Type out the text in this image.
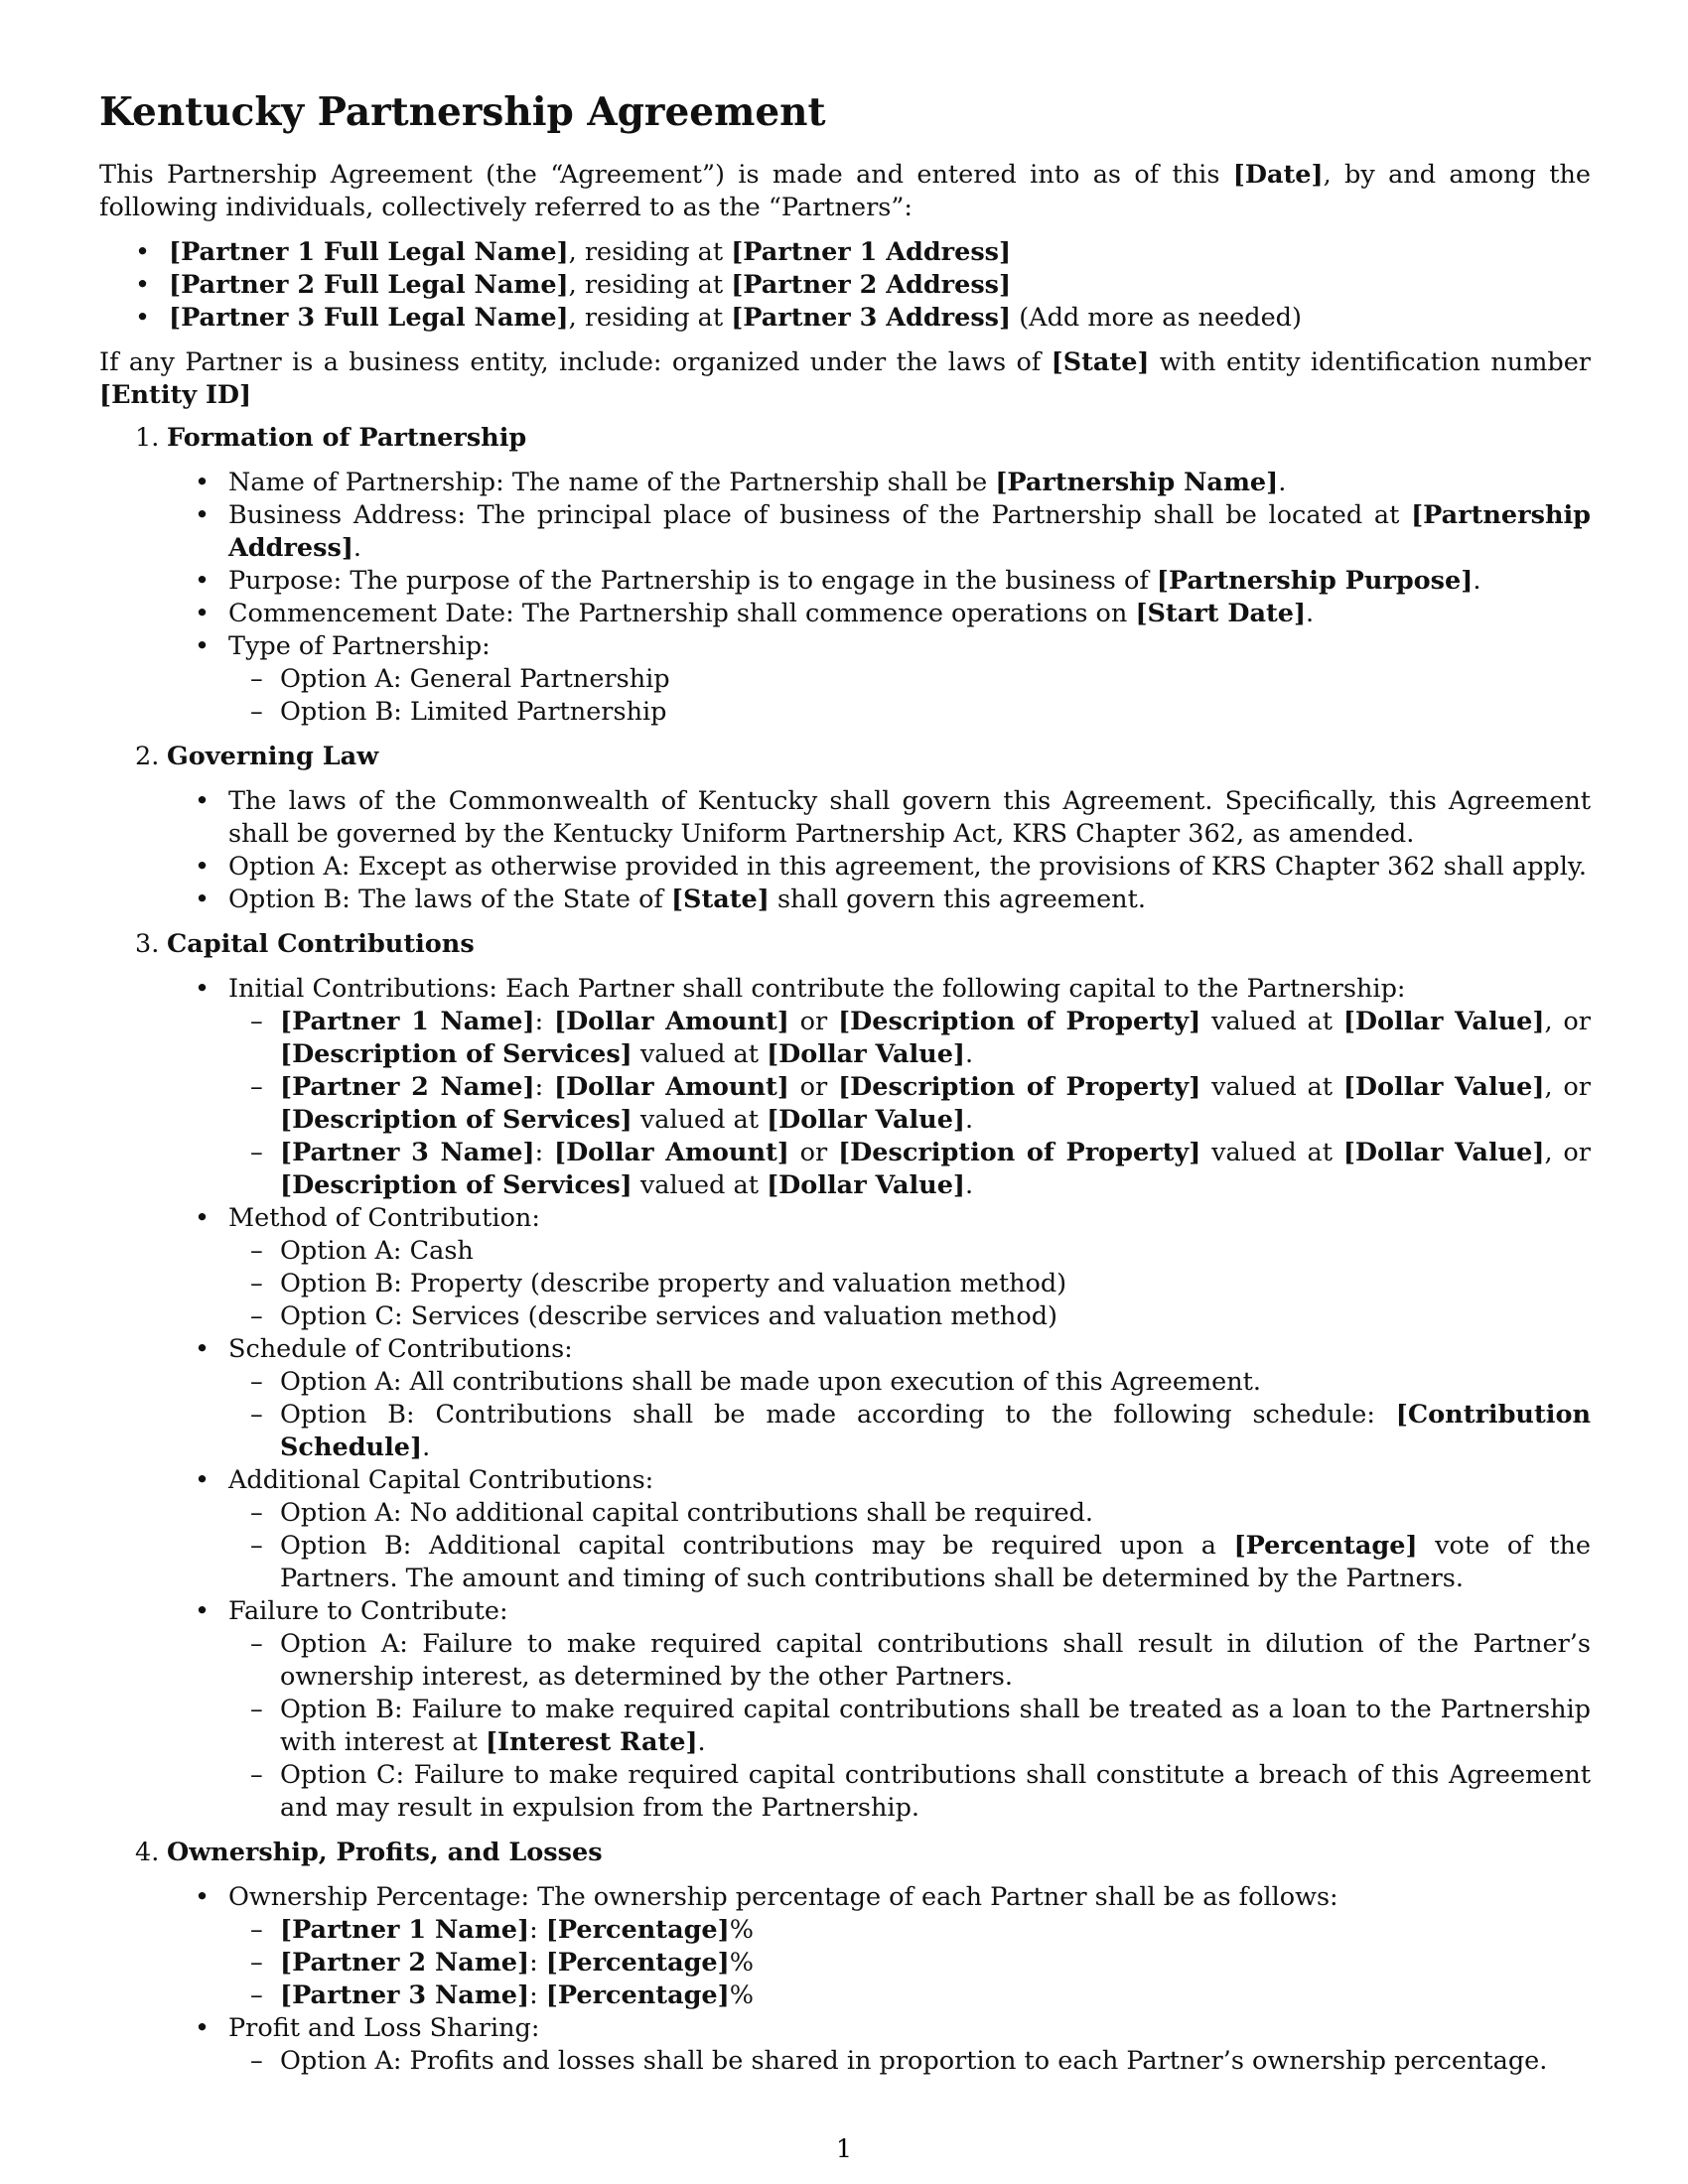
Kentucky Partnership Agreement

This Partnership Agreement (the “Agreement”) is made and entered into as of this [Date], by and among the following individuals, collectively referred to as the “Partners”:

• [Partner 1 Full Legal Name], residing at [Partner 1 Address]
• [Partner 2 Full Legal Name], residing at [Partner 2 Address]
• [Partner 3 Full Legal Name], residing at [Partner 3 Address] (Add more as needed)

If any Partner is a business entity, include: organized under the laws of [State] with entity identification number [Entity ID]

1. Formation of Partnership
• Name of Partnership: The name of the Partnership shall be [Partnership Name].
• Business Address: The principal place of business of the Partnership shall be located at [Partnership Address].
• Purpose: The purpose of the Partnership is to engage in the business of [Partnership Purpose].
• Commencement Date: The Partnership shall commence operations on [Start Date].
• Type of Partnership:
– Option A: General Partnership
– Option B: Limited Partnership
2. Governing Law
• The laws of the Commonwealth of Kentucky shall govern this Agreement. Specifically, this Agreement shall be governed by the Kentucky Uniform Partnership Act, KRS Chapter 362, as amended.
• Option A: Except as otherwise provided in this agreement, the provisions of KRS Chapter 362 shall apply.
• Option B: The laws of the State of [State] shall govern this agreement.
3. Capital Contributions
• Initial Contributions: Each Partner shall contribute the following capital to the Partnership:
– [Partner 1 Name]: [Dollar Amount] or [Description of Property] valued at [Dollar Value], or [Description of Services] valued at [Dollar Value].
– [Partner 2 Name]: [Dollar Amount] or [Description of Property] valued at [Dollar Value], or [Description of Services] valued at [Dollar Value].
– [Partner 3 Name]: [Dollar Amount] or [Description of Property] valued at [Dollar Value], or [Description of Services] valued at [Dollar Value].
• Method of Contribution:
– Option A: Cash
– Option B: Property (describe property and valuation method)
– Option C: Services (describe services and valuation method)
• Schedule of Contributions:
– Option A: All contributions shall be made upon execution of this Agreement.
– Option B: Contributions shall be made according to the following schedule: [Contribution Schedule].
• Additional Capital Contributions:
– Option A: No additional capital contributions shall be required.
– Option B: Additional capital contributions may be required upon a [Percentage] vote of the Partners. The amount and timing of such contributions shall be determined by the Partners.
• Failure to Contribute:
– Option A: Failure to make required capital contributions shall result in dilution of the Partner’s ownership interest, as determined by the other Partners.
– Option B: Failure to make required capital contributions shall be treated as a loan to the Partnership with interest at [Interest Rate].
– Option C: Failure to make required capital contributions shall constitute a breach of this Agreement and may result in expulsion from the Partnership.
4. Ownership, Profits, and Losses
• Ownership Percentage: The ownership percentage of each Partner shall be as follows:
– [Partner 1 Name]: [Percentage]%
– [Partner 2 Name]: [Percentage]%
– [Partner 3 Name]: [Percentage]%
• Profit and Loss Sharing:
– Option A: Profits and losses shall be shared in proportion to each Partner’s ownership percentage.
1
